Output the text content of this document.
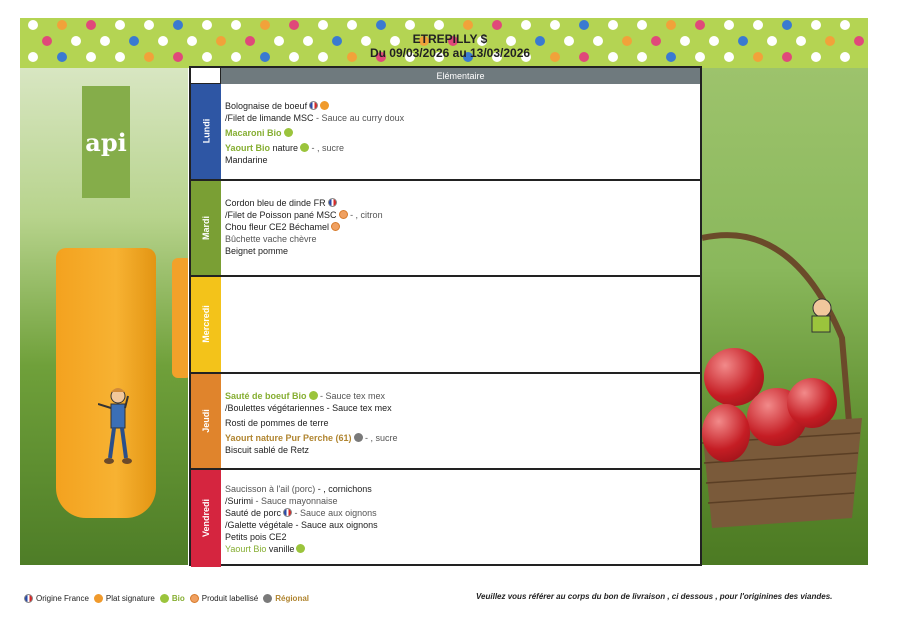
ETREPILLY $
Du 09/03/2026 au 13/03/2026
api
Elémentaire
Lundi
Bolognaise de boeuf
/Filet de limande MSC - Sauce au curry doux
Macaroni Bio
Yaourt Bio nature - , sucre
Mandarine
Mardi
Cordon bleu de dinde FR
/Filet de Poisson pané MSC - , citron
Chou fleur CE2 Béchamel
Bûchette vache chèvre
Beignet pomme
Mercredi
Jeudi
Sauté de boeuf Bio - Sauce tex mex
/Boulettes végétariennes - Sauce tex mex
Rosti de pommes de terre
Yaourt nature Pur Perche (61) - , sucre
Biscuit sablé de Retz
Vendredi
Saucisson à l'ail (porc) - , cornichons
/Surimi - Sauce mayonnaise
Sauté de porc - Sauce aux oignons
/Galette végétale - Sauce aux oignons
Petits pois CE2
Yaourt Bio vanille
Origine France Plat signature Bio Produit labellisé Régional	Veuillez vous référer au corps du bon de livraison , ci dessous , pour l'originines des viandes.
